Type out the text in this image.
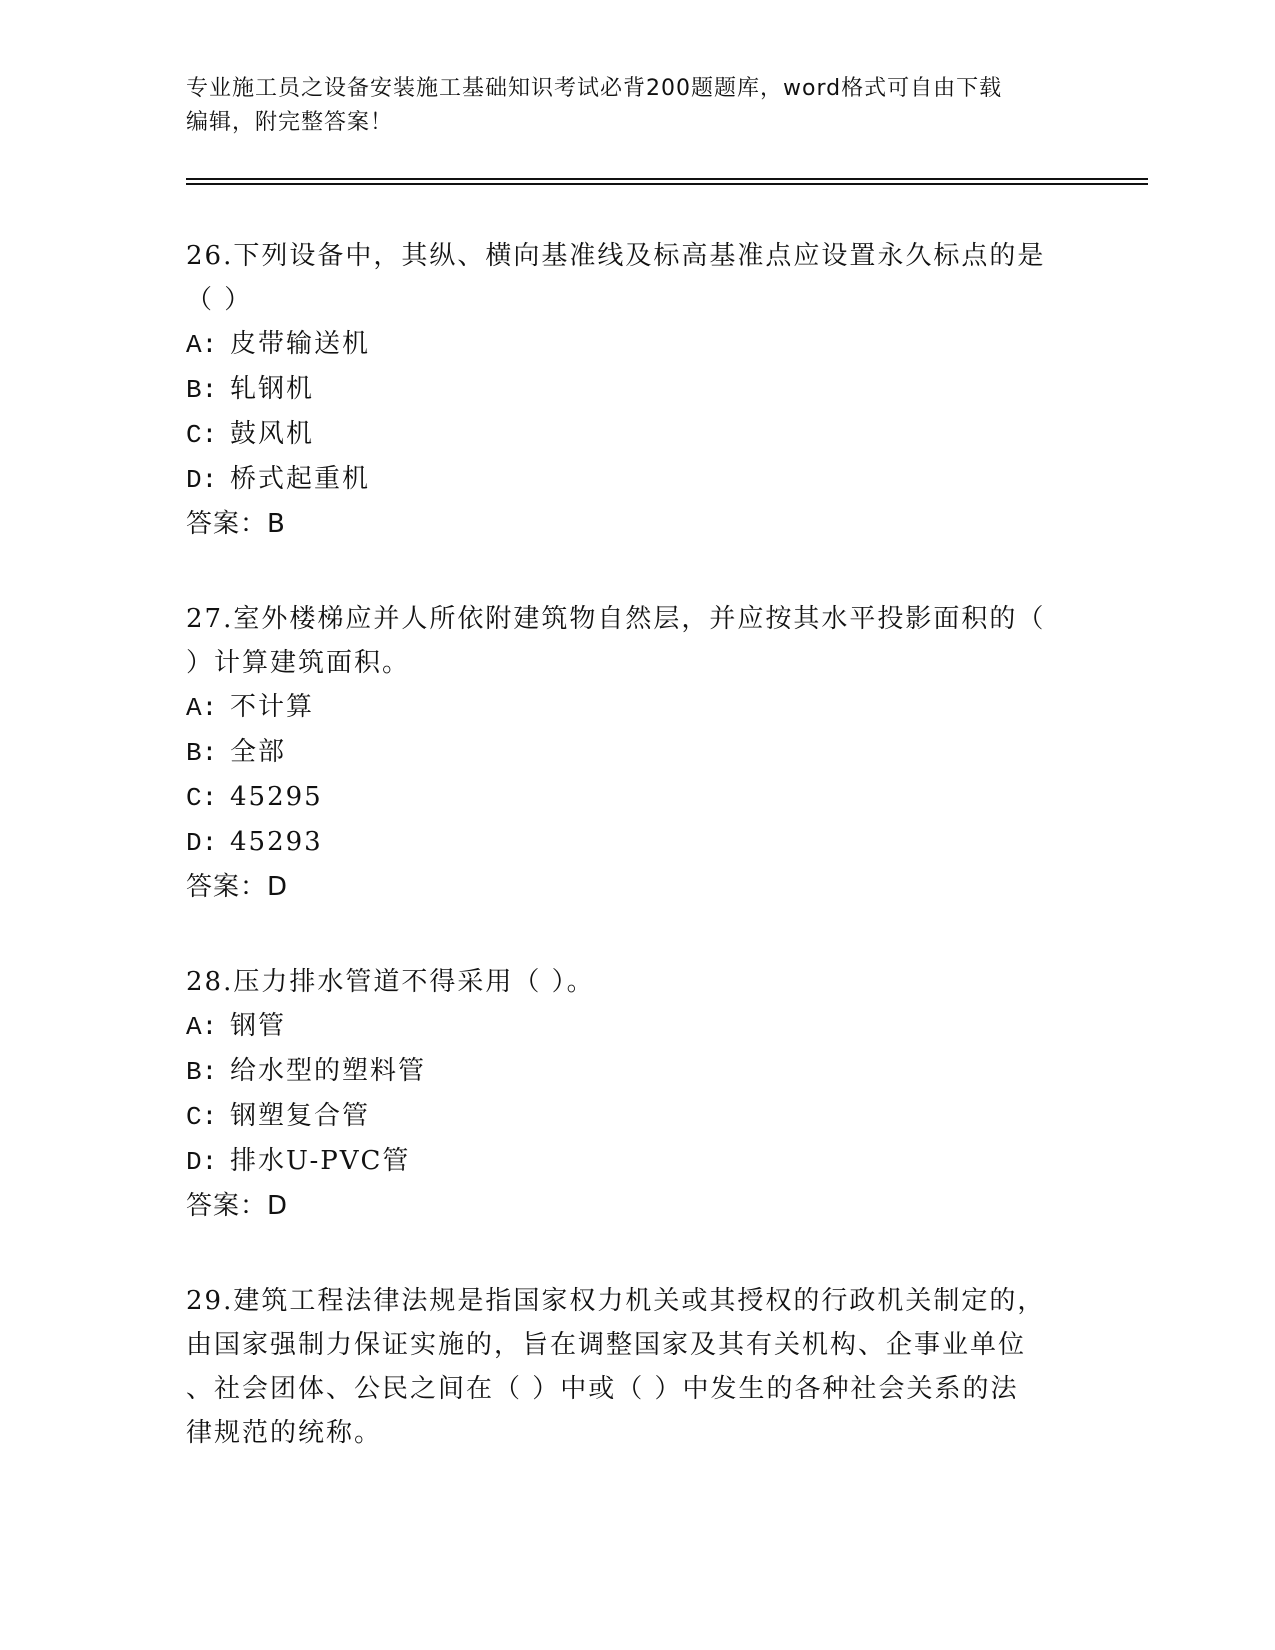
专业施工员之设备安装施工基础知识考试必背200题题库，word格式可自由下载
编辑，附完整答案！
26.下列设备中，其纵、横向基准线及标高基准点应设置永久标点的是
（ ）
A: 皮带输送机
B: 轧钢机
C: 鼓风机
D: 桥式起重机
答案：B
27.室外楼梯应并人所依附建筑物自然层，并应按其水平投影面积的（
）计算建筑面积。
A: 不计算
B: 全部
C: 45295
D: 45293
答案：D
28.压力排水管道不得采用（ ）。
A: 钢管
B: 给水型的塑料管
C: 钢塑复合管
D: 排水U-PVC管
答案：D
29.建筑工程法律法规是指国家权力机关或其授权的行政机关制定的，
由国家强制力保证实施的，旨在调整国家及其有关机构、企事业单位
、社会团体、公民之间在（ ）中或（ ）中发生的各种社会关系的法
律规范的统称。
